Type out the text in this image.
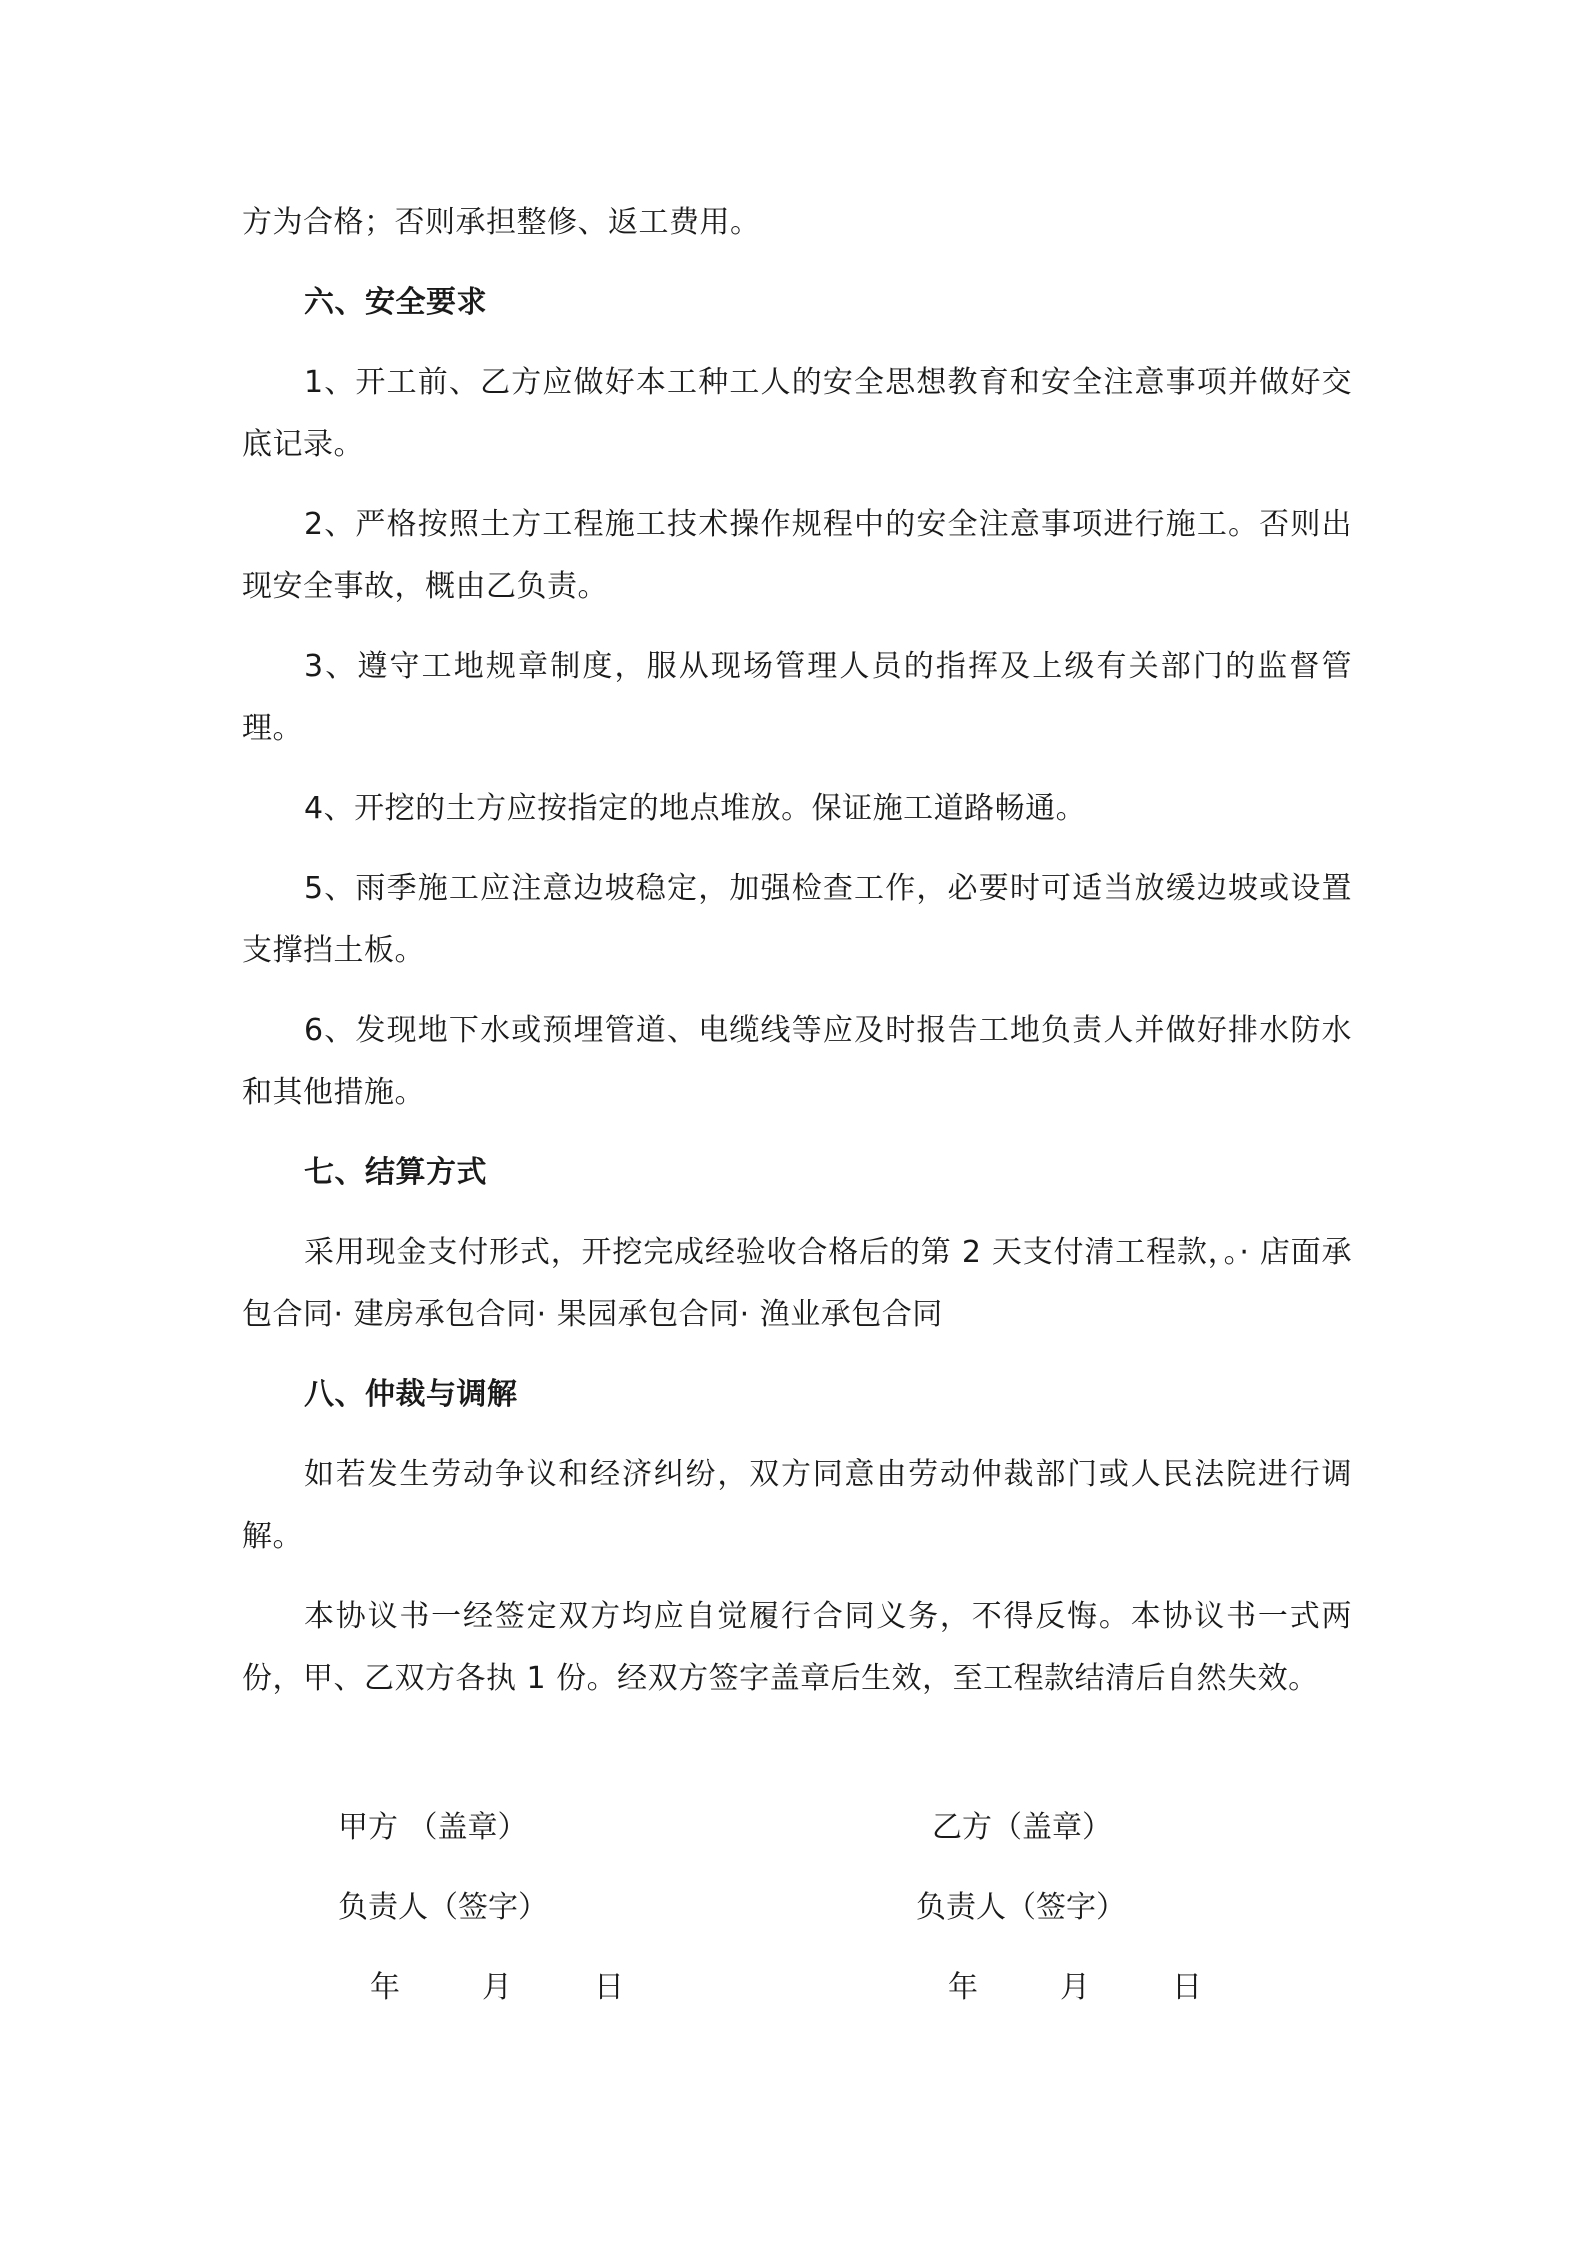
方为合格；否则承担整修、返工费用。

六、安全要求

1、开工前、乙方应做好本工种工人的安全思想教育和安全注意事项并做好交底记录。

2、严格按照土方工程施工技术操作规程中的安全注意事项进行施工。否则出现安全事故，概由乙负责。

3、遵守工地规章制度，服从现场管理人员的指挥及上级有关部门的监督管理。

4、开挖的土方应按指定的地点堆放。保证施工道路畅通。

5、雨季施工应注意边坡稳定，加强检查工作，必要时可适当放缓边坡或设置支撑挡土板。

6、发现地下水或预埋管道、电缆线等应及时报告工地负责人并做好排水防水和其他措施。

七、结算方式

采用现金支付形式，开挖完成经验收合格后的第 2 天支付清工程款，。· 店面承包合同· 建房承包合同· 果园承包合同· 渔业承包合同

八、仲裁与调解

如若发生劳动争议和经济纠纷，双方同意由劳动仲裁部门或人民法院进行调解。

本协议书一经签定双方均应自觉履行合同义务，不得反悔。本协议书一式两份，甲、乙双方各执 1 份。经双方签字盖章后生效，至工程款结清后自然失效。

甲方 （盖章）	乙方（盖章）
负责人（签字）	负责人（签字）
年	月	日	年	月	日
